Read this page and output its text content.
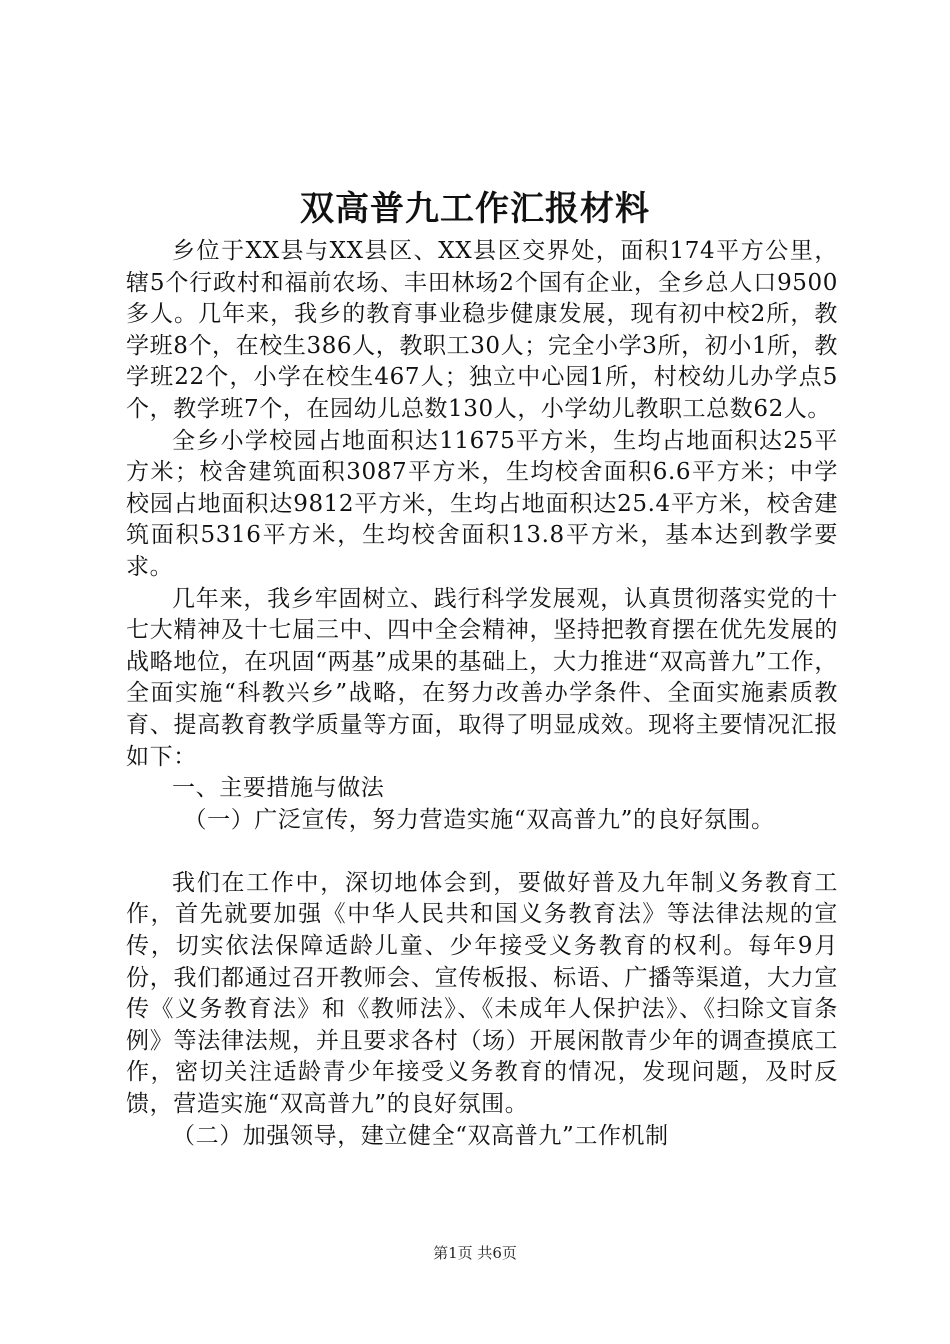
双高普九工作汇报材料

乡位于XX县与XX县区、XX县区交界处，面积174平方公里，辖5个行政村和福前农场、丰田林场2个国有企业，全乡总人口9500多人。几年来，我乡的教育事业稳步健康发展，现有初中校2所，教学班8个，在校生386人，教职工30人；完全小学3所，初小1所，教学班22个，小学在校生467人；独立中心园1所，村校幼儿办学点5个，教学班7个，在园幼儿总数130人，小学幼儿教职工总数62人。

全乡小学校园占地面积达11675平方米，生均占地面积达25平方米；校舍建筑面积3087平方米，生均校舍面积6.6平方米；中学校园占地面积达9812平方米，生均占地面积达25.4平方米，校舍建筑面积5316平方米，生均校舍面积13.8平方米，基本达到教学要求。

几年来，我乡牢固树立、践行科学发展观，认真贯彻落实党的十七大精神及十七届三中、四中全会精神，坚持把教育摆在优先发展的战略地位，在巩固“两基”成果的基础上，大力推进“双高普九”工作，全面实施“科教兴乡”战略，在努力改善办学条件、全面实施素质教育、提高教育教学质量等方面，取得了明显成效。现将主要情况汇报如下：

一、主要措施与做法

（一）广泛宣传，努力营造实施“双高普九”的良好氛围。

我们在工作中，深切地体会到，要做好普及九年制义务教育工作，首先就要加强《中华人民共和国义务教育法》等法律法规的宣传，切实依法保障适龄儿童、少年接受义务教育的权利。每年9月份，我们都通过召开教师会、宣传板报、标语、广播等渠道，大力宣传《义务教育法》和《教师法》、《未成年人保护法》、《扫除文盲条例》等法律法规，并且要求各村（场）开展闲散青少年的调查摸底工作，密切关注适龄青少年接受义务教育的情况，发现问题，及时反馈，营造实施“双高普九”的良好氛围。

（二）加强领导，建立健全“双高普九”工作机制

第1页 共6页
